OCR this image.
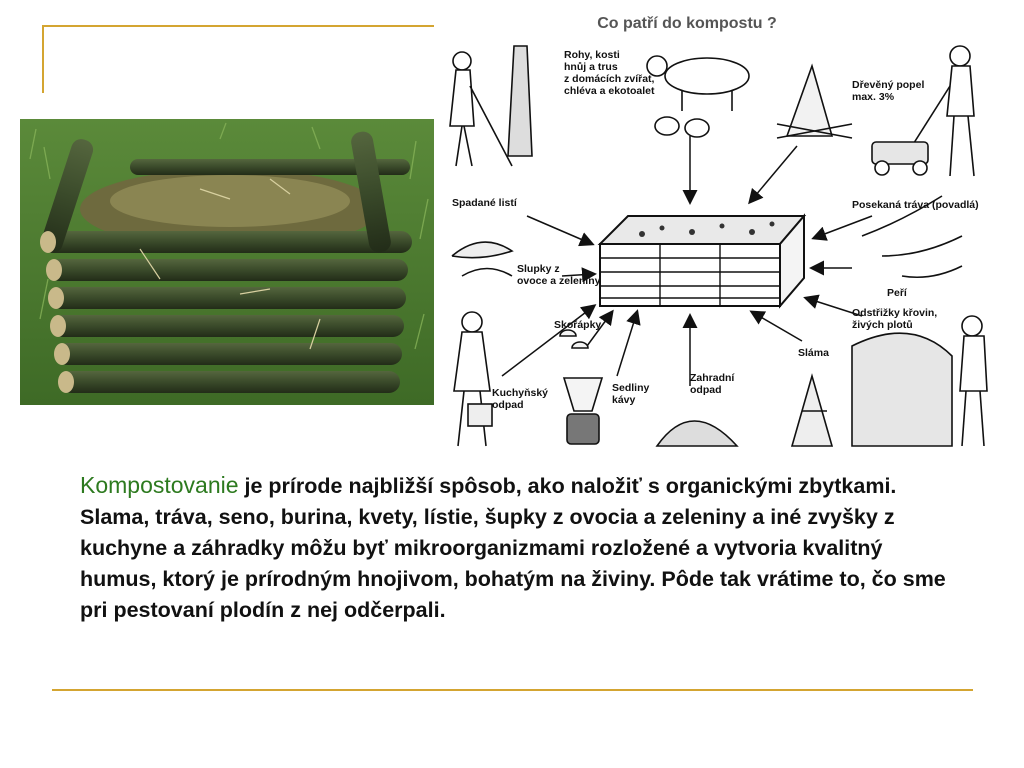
Co patří do kompostu ?
Rohy, kosti hnůj a trus z domácích zvířat, chléva a ekotoalet	Dřevěný popel max. 3%
Spadané listí	Posekaná tráva (povadlá)
Slupky z ovoce a zeleniny
Peří
Skořápky
Odstřižky křovin, živých plotů
Kuchyňský odpad
Sedliny kávy
Zahradní odpad
Sláma

Kompostovanie je prírode najbližší spôsob, ako naložiť s organickými zbytkami. Slama, tráva, seno, burina, kvety, lístie, šupky z ovocia a zeleniny a iné zvyšky z kuchyne a záhradky môžu byť mikroorganizmami rozložené a vytvoria kvalitný humus, ktorý je prírodným hnojivom, bohatým na živiny. Pôde tak vrátime to, čo sme pri pestovaní plodín z nej odčerpali.
